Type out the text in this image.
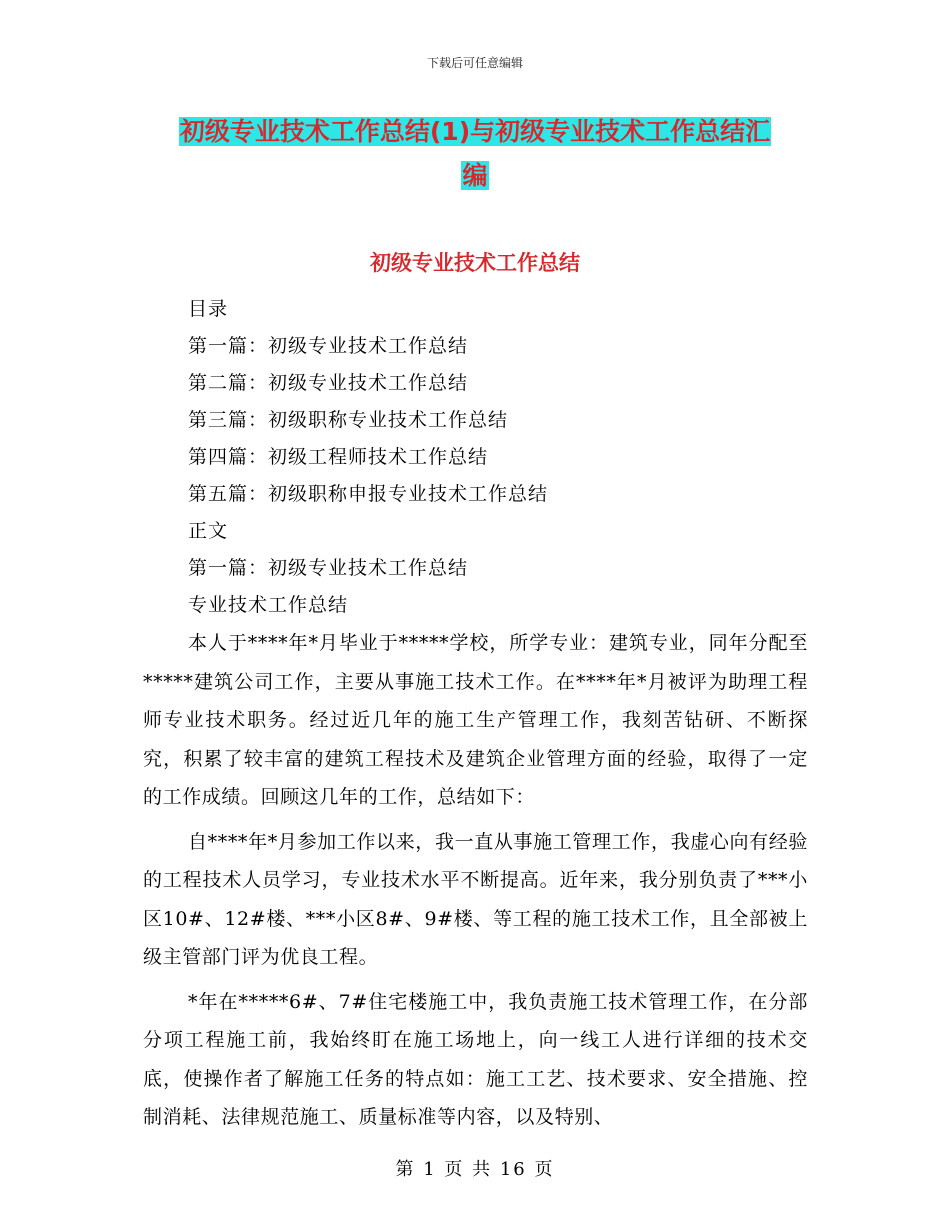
下载后可任意编辑
初级专业技术工作总结(1)与初级专业技术工作总结汇
编
初级专业技术工作总结
目录
第一篇：初级专业技术工作总结
第二篇：初级专业技术工作总结
第三篇：初级职称专业技术工作总结
第四篇：初级工程师技术工作总结
第五篇：初级职称申报专业技术工作总结
正文
第一篇：初级专业技术工作总结
专业技术工作总结

本人于****年*月毕业于*****学校，所学专业：建筑专业，同年分配至*****建筑公司工作，主要从事施工技术工作。在****年*月被评为助理工程师专业技术职务。经过近几年的施工生产管理工作，我刻苦钻研、不断探究，积累了较丰富的建筑工程技术及建筑企业管理方面的经验，取得了一定的工作成绩。回顾这几年的工作，总结如下：

自****年*月参加工作以来，我一直从事施工管理工作，我虚心向有经验的工程技术人员学习，专业技术水平不断提高。近年来，我分别负责了***小区10#、12#楼、***小区8#、9#楼、等工程的施工技术工作，且全部被上级主管部门评为优良工程。

*年在*****6#、7#住宅楼施工中，我负责施工技术管理工作，在分部分项工程施工前，我始终盯在施工场地上，向一线工人进行详细的技术交底，使操作者了解施工任务的特点如：施工工艺、技术要求、安全措施、控制消耗、法律规范施工、质量标准等内容，以及特别、

第 1 页 共 16 页
